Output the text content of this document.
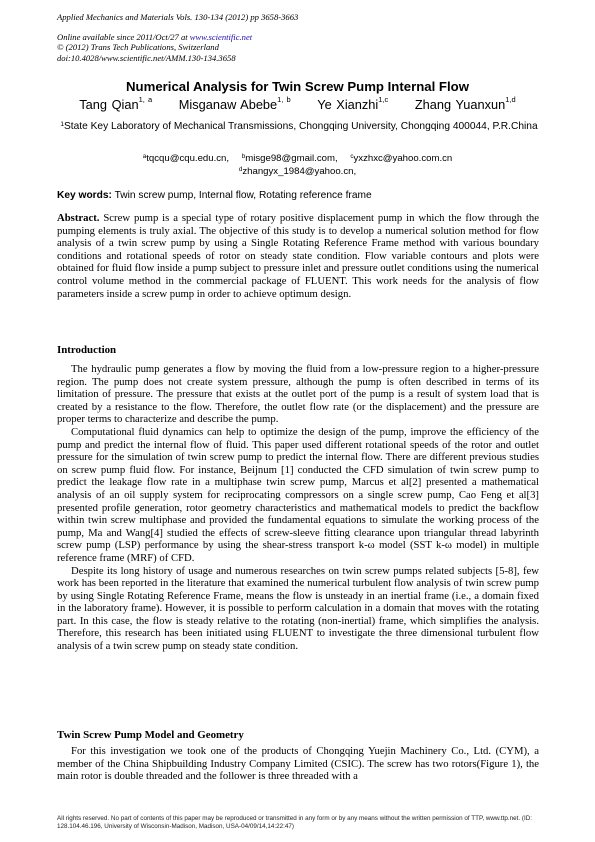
Applied Mechanics and Materials Vols. 130-134 (2012) pp 3658-3663
Online available since 2011/Oct/27 at www.scientific.net
© (2012) Trans Tech Publications, Switzerland
doi:10.4028/www.scientific.net/AMM.130-134.3658
Numerical Analysis for Twin Screw Pump Internal Flow
Tang Qian$^{1, a}$ Misganaw Abebe$^{1, b}$ Ye Xianzhi$^{1,c}$ Zhang Yuanxun$^{1,d}$
$^1$State Key Laboratory of Mechanical Transmissions, Chongqing University, Chongqing 400044, P.R.China
$^a$tqcqu@cqu.edu.cn, $^b$misge98@gmail.com, $^c$yxzhxc@yahoo.com.cn
$^d$zhangyx_1984@yahoo.cn,
Key words: Twin screw pump, Internal flow, Rotating reference frame
Abstract. Screw pump is a special type of rotary positive displacement pump in which the flow through the pumping elements is truly axial. The objective of this study is to develop a numerical solution method for flow analysis of a twin screw pump by using a Single Rotating Reference Frame method with various boundary conditions and rotational speeds of rotor on steady state condition. Flow variable contours and plots were obtained for fluid flow inside a pump subject to pressure inlet and pressure outlet conditions using the numerical control volume method in the commercial package of FLUENT. This work needs for the analysis of flow parameters inside a screw pump in order to achieve optimum design.
Introduction

The hydraulic pump generates a flow by moving the fluid from a low-pressure region to a higher-pressure region. The pump does not create system pressure, although the pump is often described in terms of its limitation of pressure. The pressure that exists at the outlet port of the pump is a result of system load that is created by a resistance to the flow. Therefore, the outlet flow rate (or the displacement) and the pressure are proper terms to characterize and describe the pump.

Computational fluid dynamics can help to optimize the design of the pump, improve the efficiency of the pump and predict the internal flow of fluid. This paper used different rotational speeds of the rotor and outlet pressure for the simulation of twin screw pump to predict the internal flow. There are different previous studies on screw pump fluid flow. For instance, Beijnum [1] conducted the CFD simulation of twin screw pump to predict the leakage flow rate in a multiphase twin screw pump, Marcus et al[2] presented a mathematical analysis of an oil supply system for reciprocating compressors on a single screw pump, Cao Feng et al[3] presented profile generation, rotor geometry characteristics and mathematical models to predict the backflow within twin screw multiphase and provided the fundamental equations to simulate the working process of the pump, Ma and Wang[4] studied the effects of screw-sleeve fitting clearance upon triangular thread labyrinth screw pump (LSP) performance by using the shear-stress transport k-ω model (SST k-ω model) in multiple reference frame (MRF) of CFD.

Despite its long history of usage and numerous researches on twin screw pumps related subjects [5-8], few work has been reported in the literature that examined the numerical turbulent flow analysis of twin screw pump by using Single Rotating Reference Frame, means the flow is unsteady in an inertial frame (i.e., a domain fixed in the laboratory frame). However, it is possible to perform calculation in a domain that moves with the rotating part. In this case, the flow is steady relative to the rotating (non-inertial) frame, which simplifies the analysis. Therefore, this research has been initiated using FLUENT to investigate the three dimensional turbulent flow analysis of a twin screw pump on steady state condition.

Twin Screw Pump Model and Geometry

For this investigation we took one of the products of Chongqing Yuejin Machinery Co., Ltd. (CYM), a member of the China Shipbuilding Industry Company Limited (CSIC). The screw has two rotors(Figure 1), the main rotor is double threaded and the follower is three threaded with a

All rights reserved. No part of contents of this paper may be reproduced or transmitted in any form or by any means without the written permission of TTP, www.ttp.net. (ID: 128.104.46.196, University of Wisconsin-Madison, Madison, USA-04/09/14,14:22:47)
